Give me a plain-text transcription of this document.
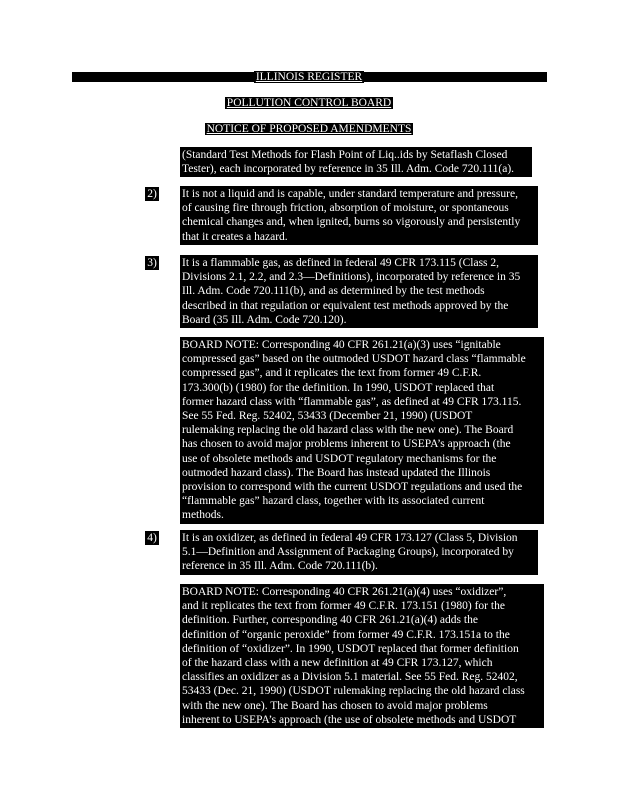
ILLINOIS REGISTER
POLLUTION CONTROL BOARD
NOTICE OF PROPOSED AMENDMENTS
(Standard Test Methods for Flash Point of Liq..ids by Setaflash Closed
Tester), each incorporated by reference in 35 Ill. Adm. Code 720.111(a).
2) It is not a liquid and is capable, under standard temperature and pressure,
of causing fire through friction, absorption of moisture, or spontaneous
chemical changes and, when ignited, burns so vigorously and persistently
that it creates a hazard.
3) It is a flammable gas, as defined in federal 49 CFR 173.115 (Class 2,
Divisions 2.1, 2.2, and 2.3—Definitions), incorporated by reference in 35
Ill. Adm. Code 720.111(b), and as determined by the test methods
described in that regulation or equivalent test methods approved by the
Board (35 Ill. Adm. Code 720.120).
BOARD NOTE: Corresponding 40 CFR 261.21(a)(3) uses “ignitable
compressed gas” based on the outmoded USDOT hazard class “flammable
compressed gas”, and it replicates the text from former 49 C.F.R.
173.300(b) (1980) for the definition. In 1990, USDOT replaced that
former hazard class with “flammable gas”, as defined at 49 CFR 173.115.
See 55 Fed. Reg. 52402, 53433 (December 21, 1990) (USDOT
rulemaking replacing the old hazard class with the new one). The Board
has chosen to avoid major problems inherent to USEPA’s approach (the
use of obsolete methods and USDOT regulatory mechanisms for the
outmoded hazard class). The Board has instead updated the Illinois
provision to correspond with the current USDOT regulations and used the
“flammable gas” hazard class, together with its associated current
methods.
4) It is an oxidizer, as defined in federal 49 CFR 173.127 (Class 5, Division
5.1—Definition and Assignment of Packaging Groups), incorporated by
reference in 35 Ill. Adm. Code 720.111(b).
BOARD NOTE: Corresponding 40 CFR 261.21(a)(4) uses “oxidizer”,
and it replicates the text from former 49 C.F.R. 173.151 (1980) for the
definition. Further, corresponding 40 CFR 261.21(a)(4) adds the
definition of “organic peroxide” from former 49 C.F.R. 173.151a to the
definition of “oxidizer”. In 1990, USDOT replaced that former definition
of the hazard class with a new definition at 49 CFR 173.127, which
classifies an oxidizer as a Division 5.1 material. See 55 Fed. Reg. 52402,
53433 (Dec. 21, 1990) (USDOT rulemaking replacing the old hazard class
with the new one). The Board has chosen to avoid major problems
inherent to USEPA’s approach (the use of obsolete methods and USDOT
